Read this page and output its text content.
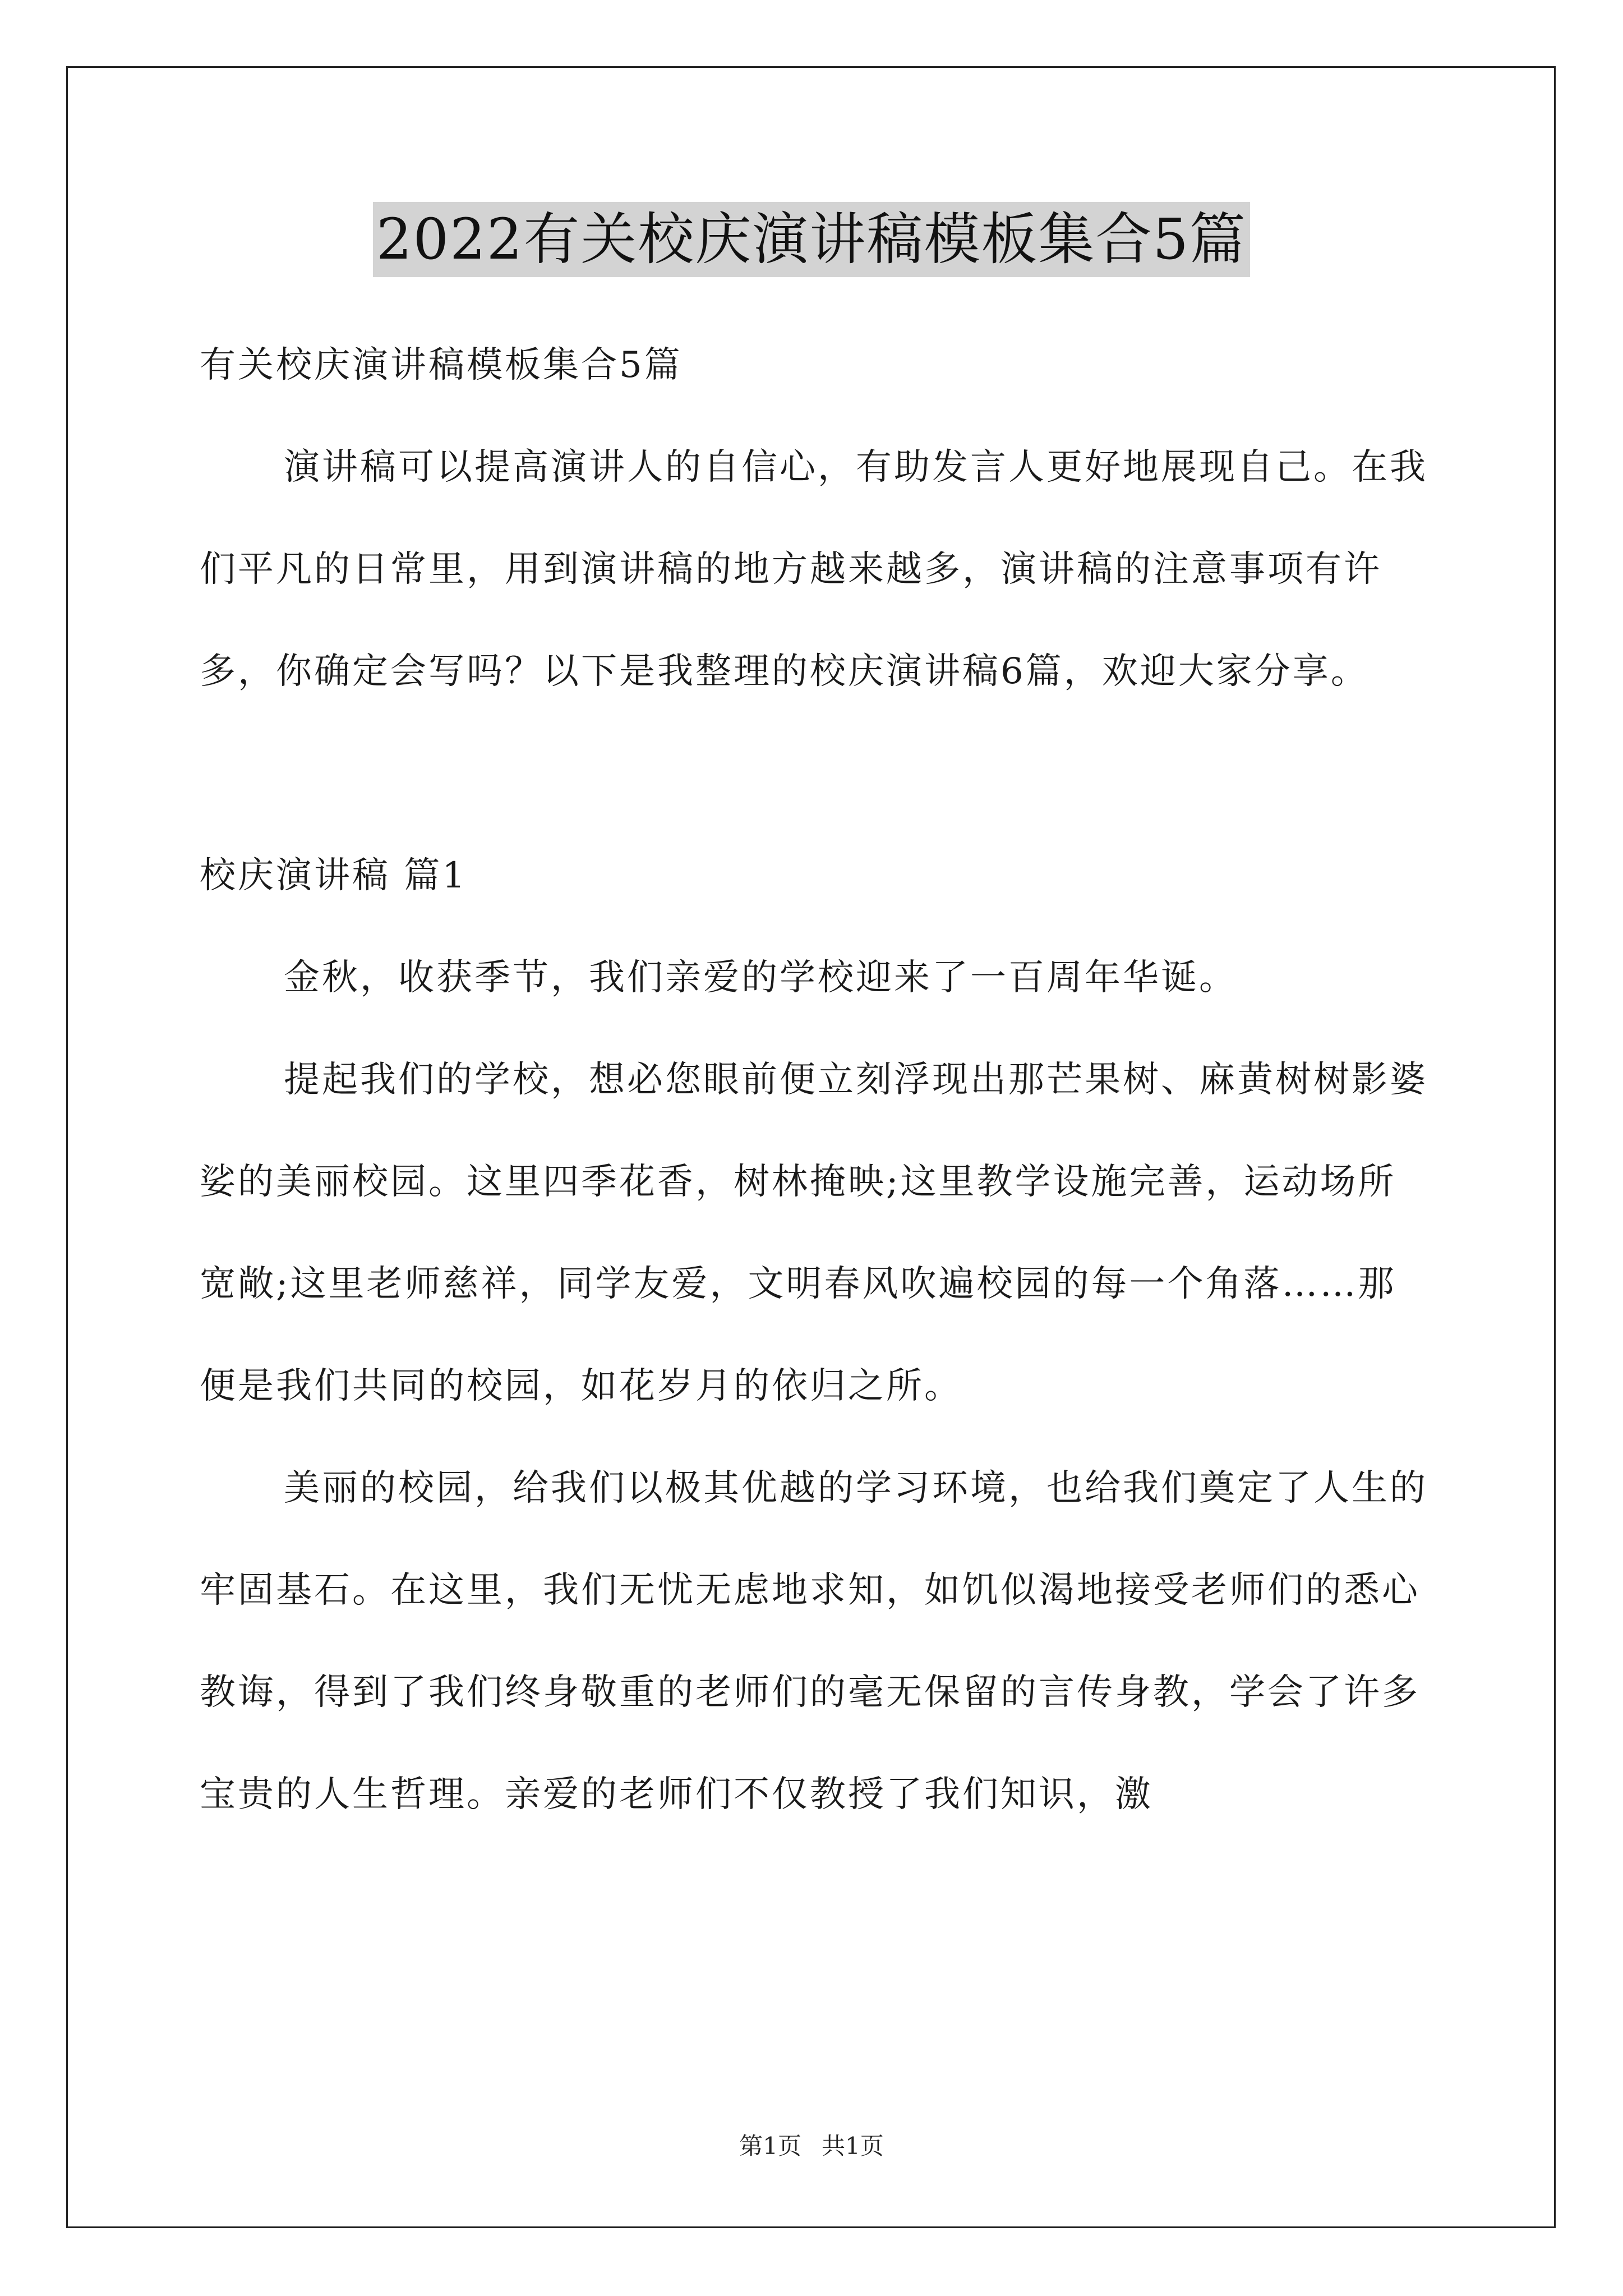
2022有关校庆演讲稿模板集合5篇

有关校庆演讲稿模板集合5篇

演讲稿可以提高演讲人的自信心，有助发言人更好地展现自己。在我们平凡的日常里，用到演讲稿的地方越来越多，演讲稿的注意事项有许多，你确定会写吗？以下是我整理的校庆演讲稿6篇，欢迎大家分享。

校庆演讲稿 篇1

金秋，收获季节，我们亲爱的学校迎来了一百周年华诞。

提起我们的学校，想必您眼前便立刻浮现出那芒果树、麻黄树树影婆娑的美丽校园。这里四季花香，树林掩映;这里教学设施完善，运动场所宽敞;这里老师慈祥，同学友爱，文明春风吹遍校园的每一个角落……那便是我们共同的校园，如花岁月的依归之所。

美丽的校园，给我们以极其优越的学习环境，也给我们奠定了人生的牢固基石。在这里，我们无忧无虑地求知，如饥似渴地接受老师们的悉心教诲，得到了我们终身敬重的老师们的毫无保留的言传身教，学会了许多宝贵的人生哲理。亲爱的老师们不仅教授了我们知识，激

第1页 共1页
